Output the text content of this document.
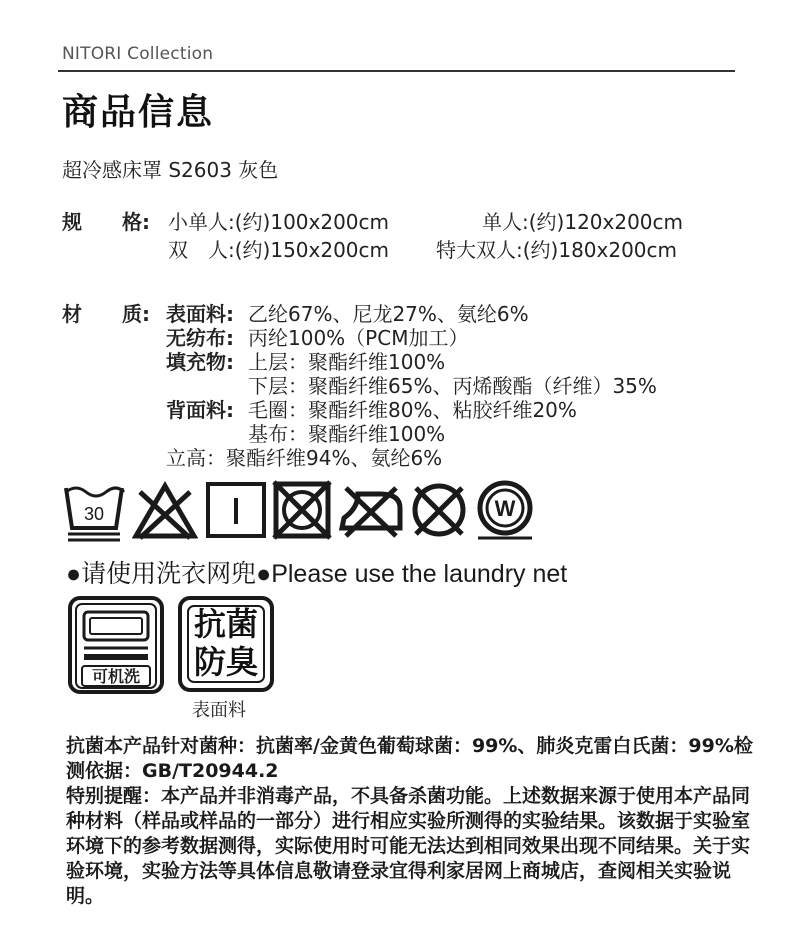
NITORI Collection
商品信息
超冷感床罩 S2603 灰色
规　　格: 小单人:(约)100x200cm	单人:(约)120x200cm
双　人:(约)150x200cm 特大双人:(约)180x200cm
材　　质: 表面料: 乙纶67%、尼龙27%、氨纶6%
无纺布: 丙纶100%（PCM加工）
填充物: 上层：聚酯纤维100%
下层：聚酯纤维65%、丙烯酸酯（纤维）35%
背面料: 毛圈：聚酯纤维80%、粘胶纤维20%
基布：聚酯纤维100%
立高：聚酯纤维94%、氨纶6%
30	W
●请使用洗衣网兜●Please use the laundry net
可机洗
抗菌
防臭
表面料
抗菌本产品针对菌种：抗菌率/金黄色葡萄球菌：99%、肺炎克雷白氏菌：99%检测依据：GB/T20944.2
特别提醒：本产品并非消毒产品，不具备杀菌功能。上述数据来源于使用本产品同种材料（样品或样品的一部分）进行相应实验所测得的实验结果。该数据于实验室环境下的参考数据测得，实际使用时可能无法达到相同效果出现不同结果。关于实验环境，实验方法等具体信息敬请登录宜得利家居网上商城店，查阅相关实验说明。
